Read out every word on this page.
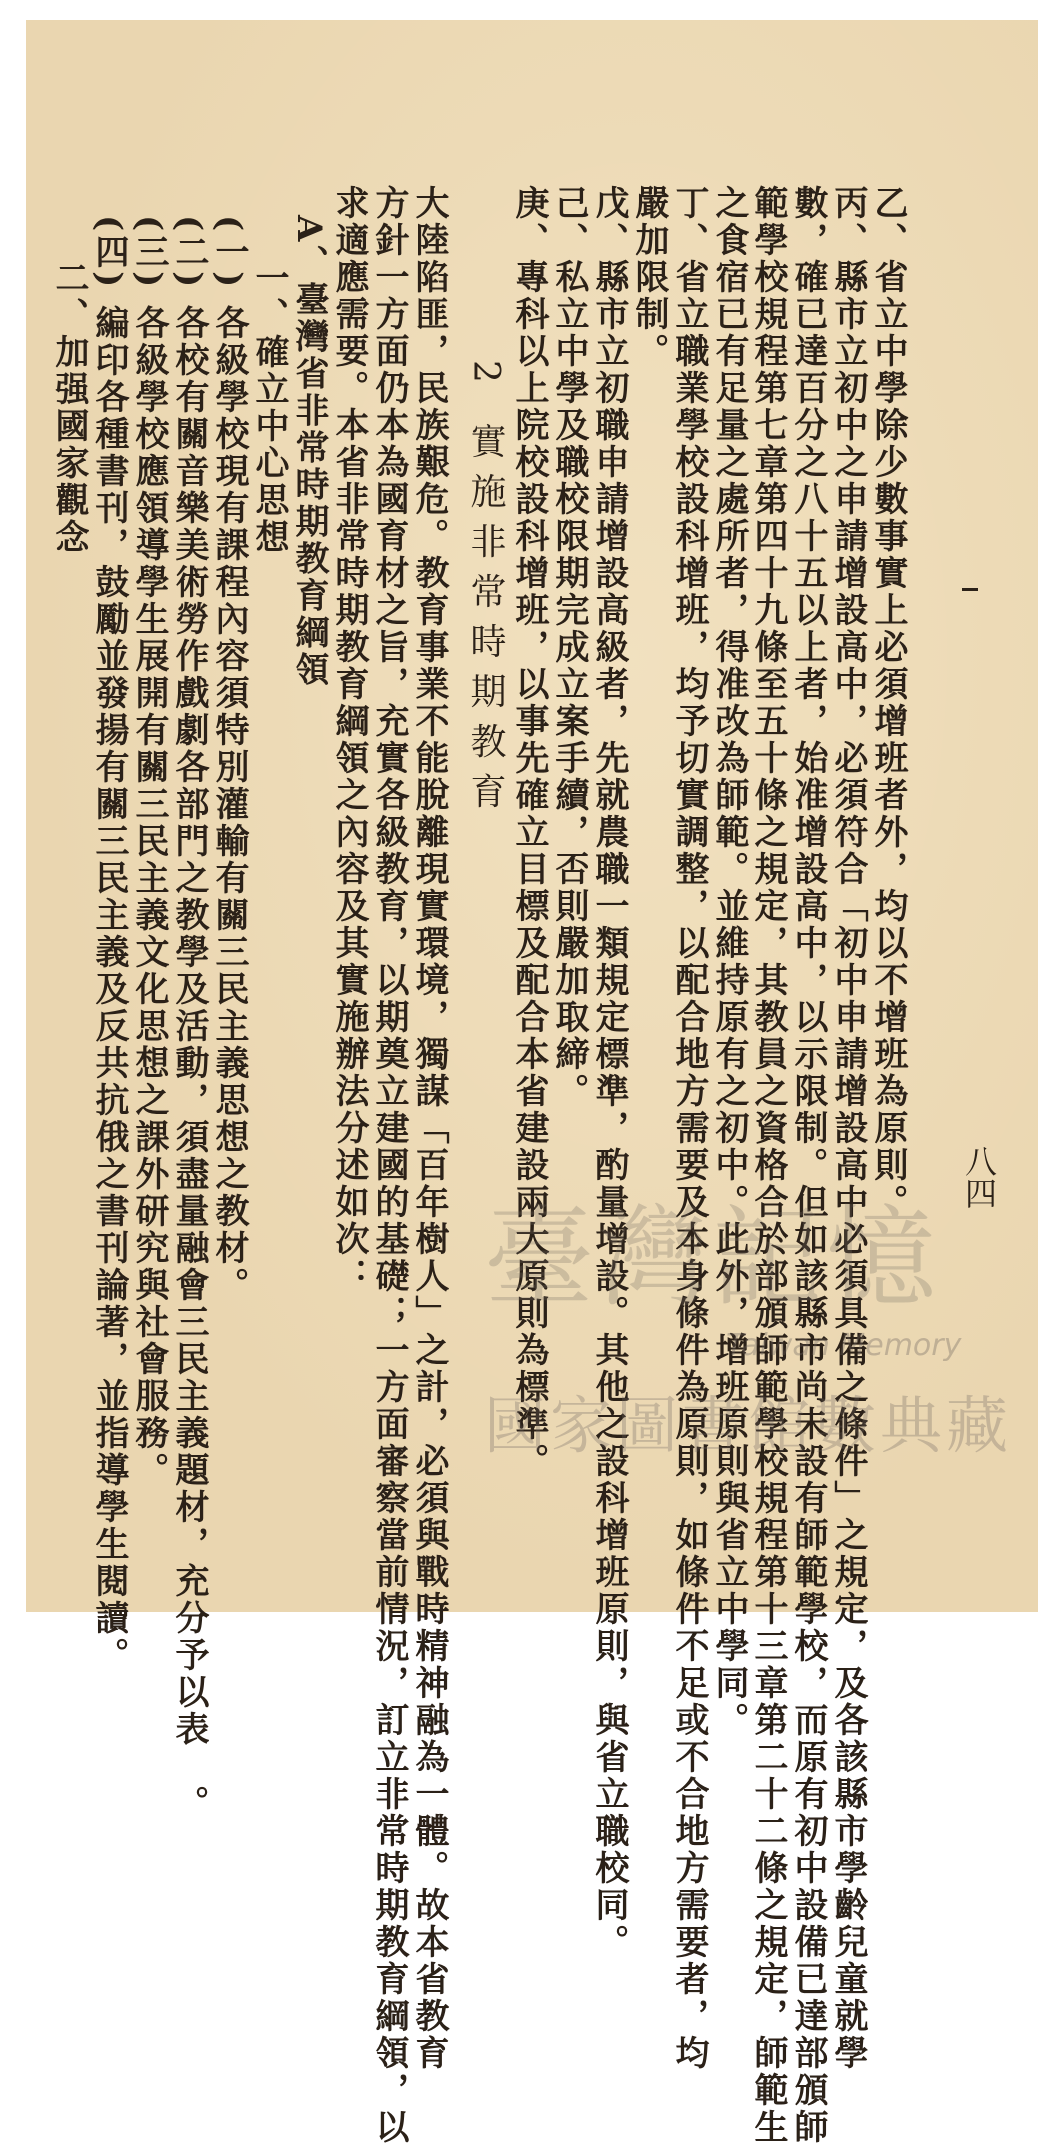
乙、省立中學除少數事實上必須增班者外，均以不增班為原則。
丙、縣市立初中之申請增設高中，必須符合「初中申請增設高中必須具備之條件」之規定，及各該縣市學齡兒童就學
數，確已達百分之八十五以上者，始准增設高中，以示限制。但如該縣市尚未設有師範學校，而原有初中設備已達部頒師
範學校規程第七章第四十九條至五十條之規定，其教員之資格合於部頒師範學校規程第十三章第二十二條之規定，師範生
之食宿已有足量之處所者，得准改為師範。並維持原有之初中。此外，增班原則與省立中學同。
丁、省立職業學校設科增班，均予切實調整，以配合地方需要及本身條件為原則，如條件不足或不合地方需要者，均
嚴加限制。
戊、縣市立初職申請增設高級者，先就農職一類規定標準，酌量增設。其他之設科增班原則，與省立職校同。
己、私立中學及職校限期完成立案手續，否則嚴加取締。
庚、專科以上院校設科增班，以事先確立目標及配合本省建設兩大原則為標準。
2 實施非常時期教育
大陸陷匪，民族艱危。教育事業不能脫離現實環境，獨謀「百年樹人」之計，必須與戰時精神融為一體。故本省教育
方針一方面仍本為國育材之旨，充實各級教育，以期奠立建國的基礎；一方面審察當前情況，訂立非常時期教育綱領，以
求適應需要。本省非常時期教育綱領之內容及其實施辦法分述如次：
A、臺灣省非常時期教育綱領
一、確立中心思想
(一) 各級學校現有課程內容須特別灌輸有關三民主義思想之教材。
(二) 各校有關音樂美術勞作戲劇各部門之教學及活動，須盡量融會三民主義題材，充分予以表　。
(三) 各級學校應領導學生展開有關三民主義文化思想之課外研究與社會服務。
(四) 編印各種書刊，鼓勵並發揚有關三民主義及反共抗俄之書刊論著，並指導學生閱讀。
二、加强國家觀念
八四
臺灣記憶
Taiwan Memory
國家圖書館數典藏
